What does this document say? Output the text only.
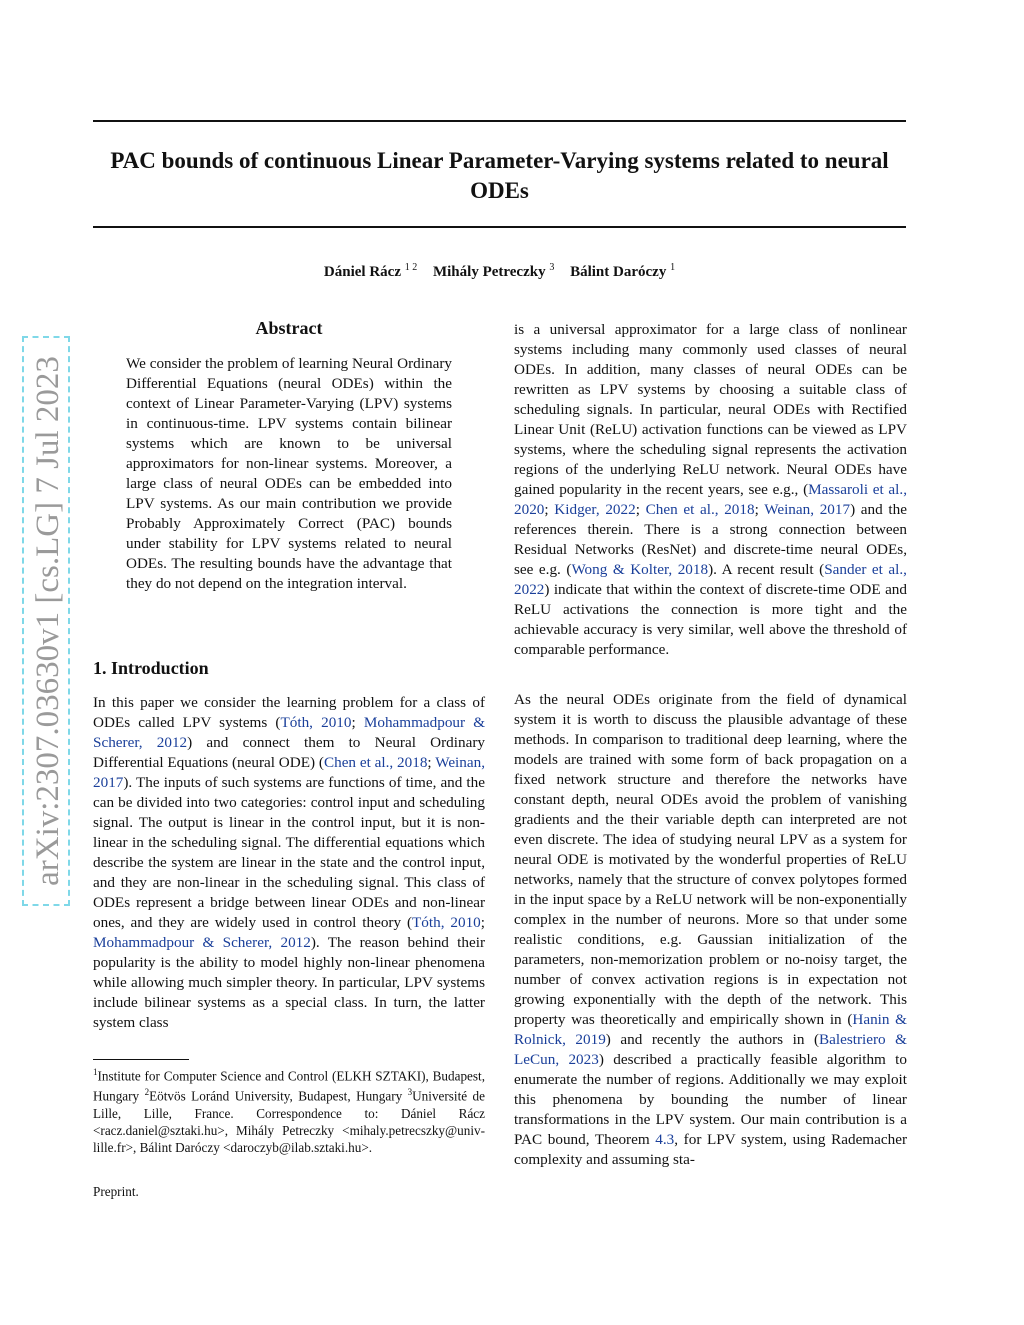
PAC bounds of continuous Linear Parameter-Varying systems related to neural ODEs
Dániel Rácz $^{1 2}$ Mihály Petreczky $^3$ Bálint Daróczy $^1$
arXiv:2307.03630v1 [cs.LG] 7 Jul 2023
Abstract
We consider the problem of learning Neural Ordinary Differential Equations (neural ODEs) within the context of Linear Parameter-Varying (LPV) systems in continuous-time. LPV systems contain bilinear systems which are known to be universal approximators for non-linear systems. Moreover, a large class of neural ODEs can be embedded into LPV systems. As our main contribution we provide Probably Approximately Correct (PAC) bounds under stability for LPV systems related to neural ODEs. The resulting bounds have the advantage that they do not depend on the integration interval.
1. Introduction
In this paper we consider the learning problem for a class of ODEs called LPV systems (Tóth, 2010; Mohammadpour & Scherer, 2012) and connect them to Neural Ordinary Differential Equations (neural ODE) (Chen et al., 2018; Weinan, 2017). The inputs of such systems are functions of time, and the can be divided into two categories: control input and scheduling signal. The output is linear in the control input, but it is non-linear in the scheduling signal. The differential equations which describe the system are linear in the state and the control input, and they are non-linear in the scheduling signal. This class of ODEs represent a bridge between linear ODEs and non-linear ones, and they are widely used in control theory (Tóth, 2010; Mohammadpour & Scherer, 2012). The reason behind their popularity is the ability to model highly non-linear phenomena while allowing much simpler theory. In particular, LPV systems include bilinear systems as a special class. In turn, the latter system class
$^1$Institute for Computer Science and Control (ELKH SZTAKI), Budapest, Hungary $^2$Eötvös Loránd University, Budapest, Hungary $^3$Université de Lille, Lille, France. Correspondence to: Dániel Rácz <racz.daniel@sztaki.hu>, Mihály Petreczky <mihaly.petrecszky@univ-lille.fr>, Bálint Daróczy <daroczyb@ilab.sztaki.hu>.
Preprint.
is a universal approximator for a large class of nonlinear systems including many commonly used classes of neural ODEs. In addition, many classes of neural ODEs can be rewritten as LPV systems by choosing a suitable class of scheduling signals. In particular, neural ODEs with Rectified Linear Unit (ReLU) activation functions can be viewed as LPV systems, where the scheduling signal represents the activation regions of the underlying ReLU network. Neural ODEs have gained popularity in the recent years, see e.g., (Massaroli et al., 2020; Kidger, 2022; Chen et al., 2018; Weinan, 2017) and the references therein. There is a strong connection between Residual Networks (ResNet) and discrete-time neural ODEs, see e.g. (Wong & Kolter, 2018). A recent result (Sander et al., 2022) indicate that within the context of discrete-time ODE and ReLU activations the connection is more tight and the achievable accuracy is very similar, well above the threshold of comparable performance.
As the neural ODEs originate from the field of dynamical system it is worth to discuss the plausible advantage of these methods. In comparison to traditional deep learning, where the models are trained with some form of back propagation on a fixed network structure and therefore the networks have constant depth, neural ODEs avoid the problem of vanishing gradients and the their variable depth can interpreted are not even discrete. The idea of studying neural LPV as a system for neural ODE is motivated by the wonderful properties of ReLU networks, namely that the structure of convex polytopes formed in the input space by a ReLU network will be non-exponentially complex in the number of neurons. More so that under some realistic conditions, e.g. Gaussian initialization of the parameters, non-memorization problem or no-noisy target, the number of convex activation regions is in expectation not growing exponentially with the depth of the network. This property was theoretically and empirically shown in (Hanin & Rolnick, 2019) and recently the authors in (Balestriero & LeCun, 2023) described a practically feasible algorithm to enumerate the number of regions. Additionally we may exploit this phenomena by bounding the number of linear transformations in the LPV system. Our main contribution is a PAC bound, Theorem 4.3, for LPV system, using Rademacher complexity and assuming sta-
